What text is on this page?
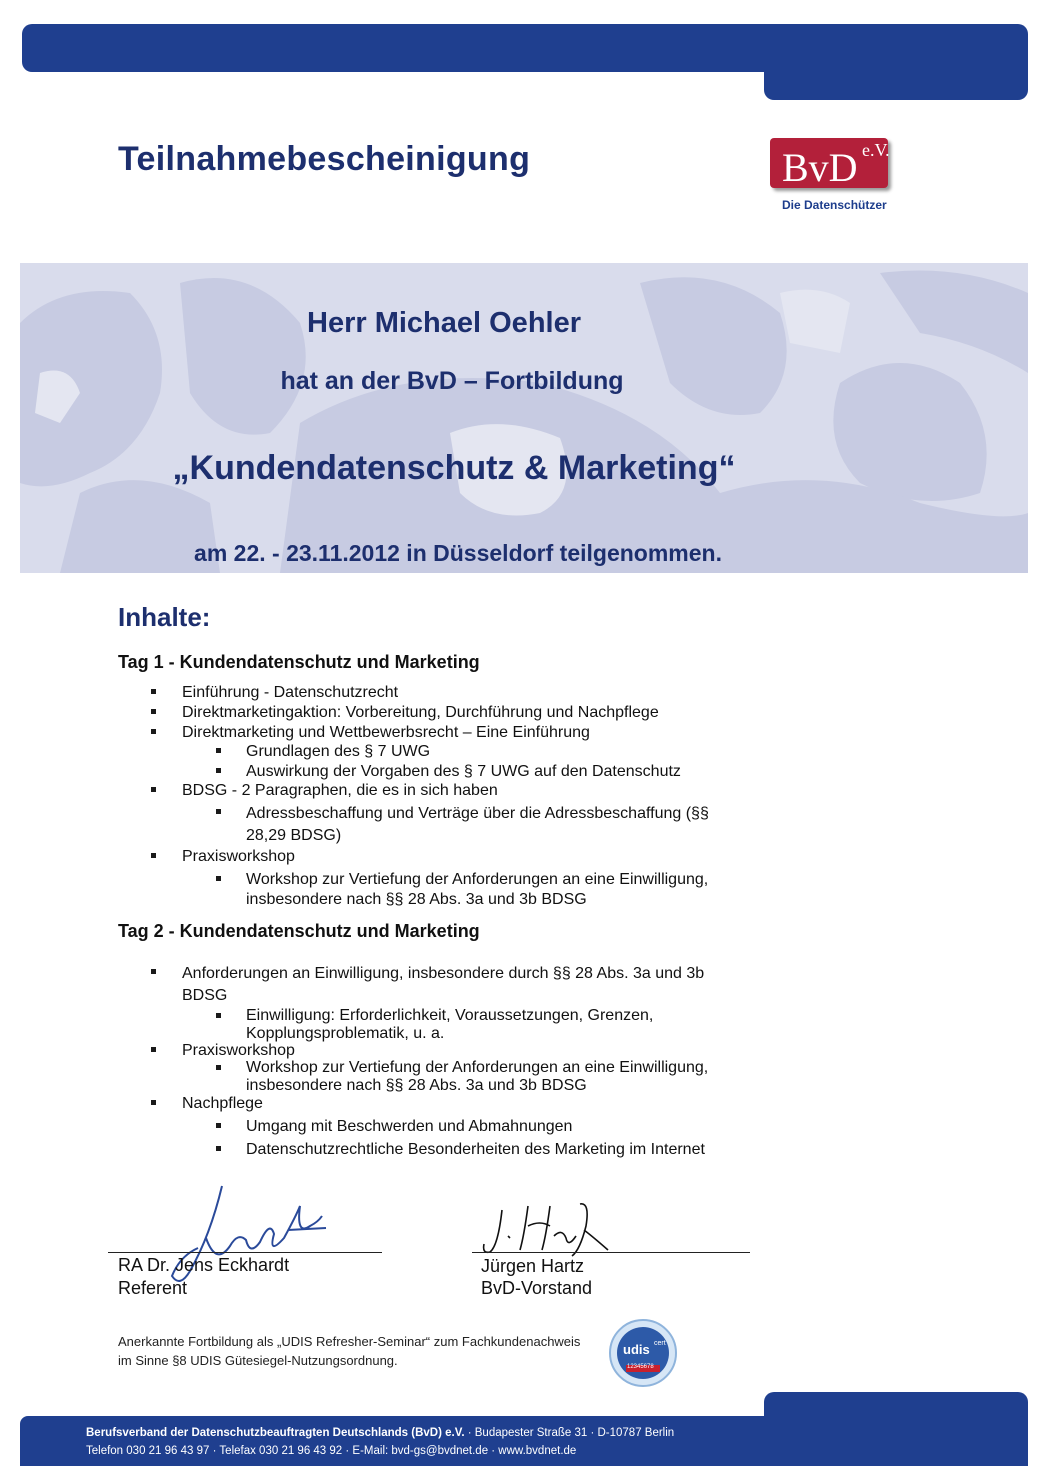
Teilnahmebescheinigung	BvD e.V.
Die Datenschützer
Herr Michael Oehler
hat an der BvD – Fortbildung
„Kundendatenschutz & Marketing“
am 22. - 23.11.2012 in Düsseldorf teilgenommen.
Inhalte:
Tag 1 - Kundendatenschutz und Marketing
Einführung - Datenschutzrecht
Direktmarketingaktion: Vorbereitung, Durchführung und Nachpflege
Direktmarketing und Wettbewerbsrecht – Eine Einführung
Grundlagen des § 7 UWG
Auswirkung der Vorgaben des § 7 UWG auf den Datenschutz
BDSG - 2 Paragraphen, die es in sich haben
Adressbeschaffung und Verträge über die Adressbeschaffung (§§ 28,29 BDSG)
Praxisworkshop
Workshop zur Vertiefung der Anforderungen an eine Einwilligung, insbesondere nach §§ 28 Abs. 3a und 3b BDSG
Tag 2 - Kundendatenschutz und Marketing
Anforderungen an Einwilligung, insbesondere durch §§ 28 Abs. 3a und 3b BDSG
Einwilligung: Erforderlichkeit, Voraussetzungen, Grenzen, Kopplungsproblematik, u. a.
Praxisworkshop
Workshop zur Vertiefung der Anforderungen an eine Einwilligung, insbesondere nach §§ 28 Abs. 3a und 3b BDSG
Nachpflege
Umgang mit Beschwerden und Abmahnungen
Datenschutzrechtliche Besonderheiten des Marketing im Internet
RA Dr. Jens Eckhardt
Referent
Jürgen Hartz
BvD-Vorstand
Anerkannte Fortbildung als „UDIS Refresher-Seminar“ zum Fachkundenachweis
im Sinne §8 UDIS Gütesiegel-Nutzungsordnung.
udis cert
12345678
Berufsverband der Datenschutzbeauftragten Deutschlands (BvD) e.V. · Budapester Straße 31 · D-10787 Berlin
Telefon 030 21 96 43 97 · Telefax 030 21 96 43 92 · E-Mail: bvd-gs@bvdnet.de · www.bvdnet.de
